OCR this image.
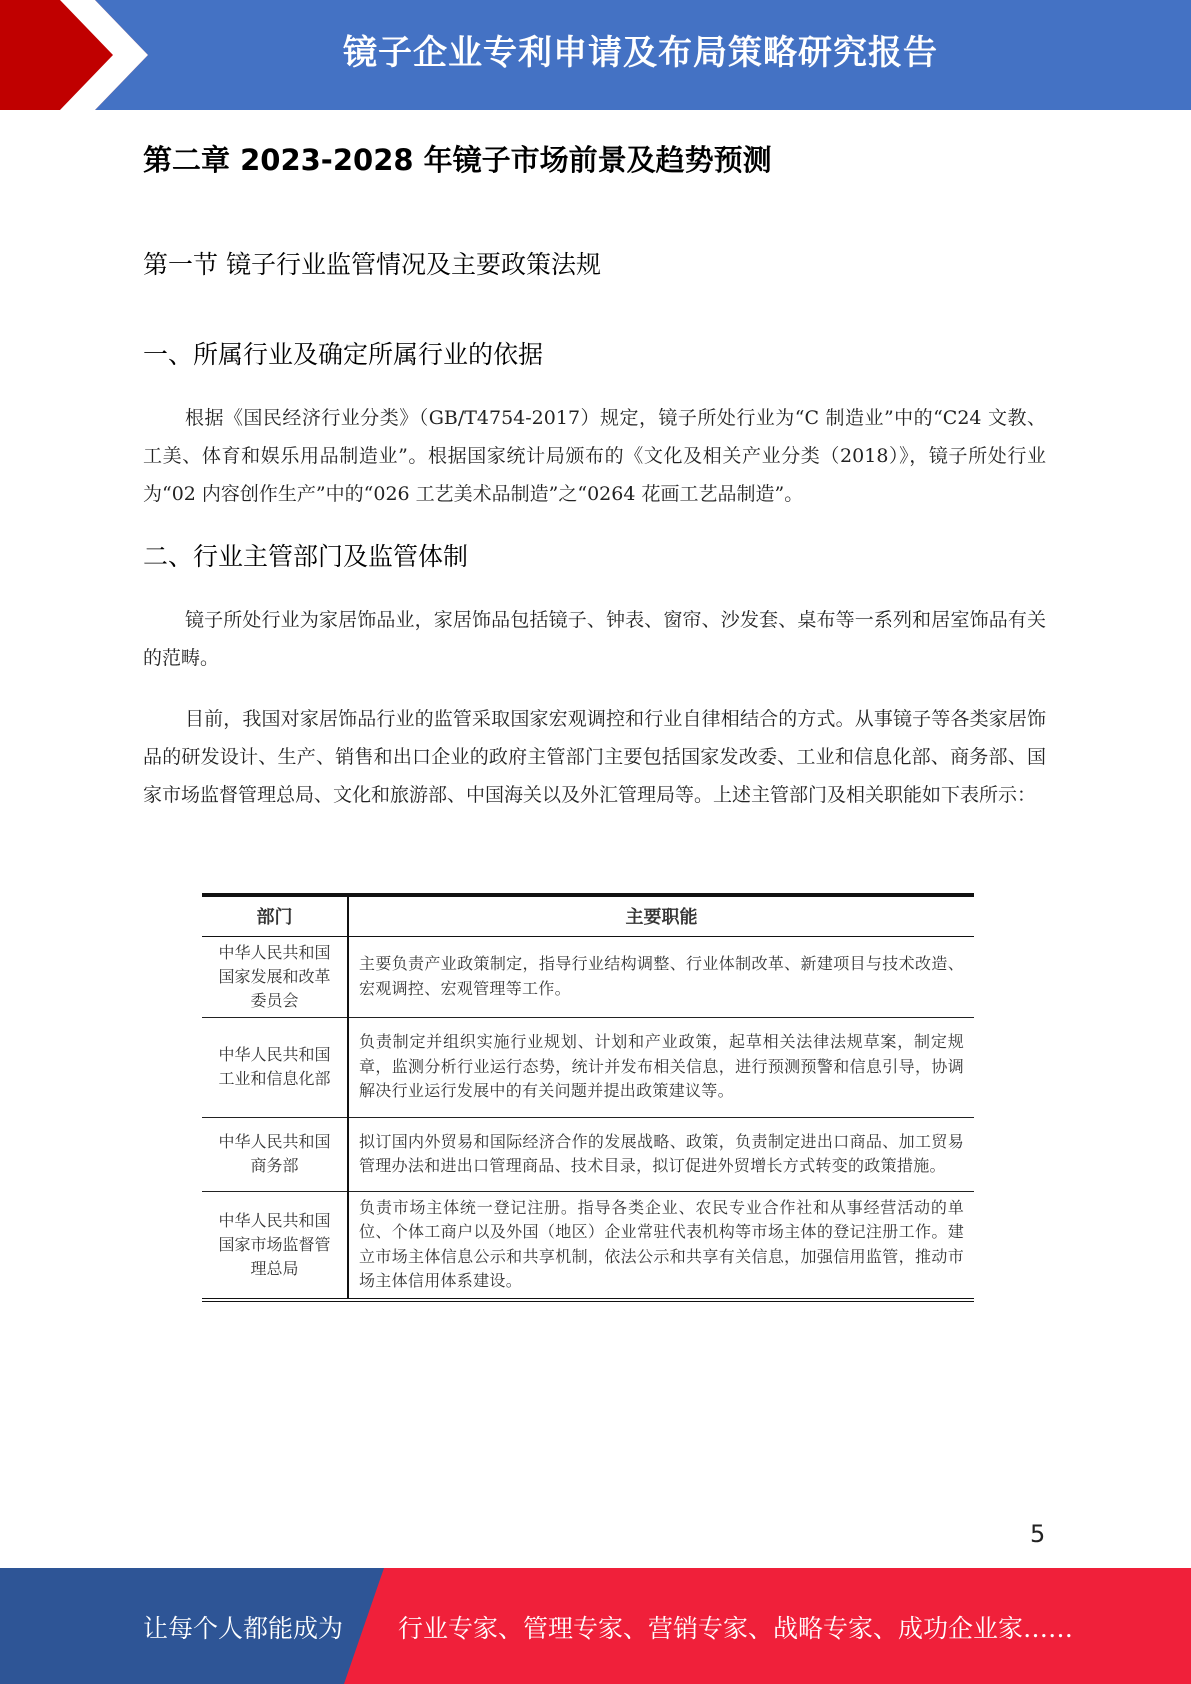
镜子企业专利申请及布局策略研究报告
第二章 2023-2028 年镜子市场前景及趋势预测
第一节 镜子行业监管情况及主要政策法规
一、所属行业及确定所属行业的依据

根据《国民经济行业分类》（GB/T4754-2017）规定，镜子所处行业为“C 制造业”中的“C24 文教、工美、体育和娱乐用品制造业”。根据国家统计局颁布的《文化及相关产业分类（2018）》，镜子所处行业为“02 内容创作生产”中的“026 工艺美术品制造”之“0264 花画工艺品制造”。

二、行业主管部门及监管体制

镜子所处行业为家居饰品业，家居饰品包括镜子、钟表、窗帘、沙发套、桌布等一系列和居室饰品有关的范畴。

目前，我国对家居饰品行业的监管采取国家宏观调控和行业自律相结合的方式。从事镜子等各类家居饰品的研发设计、生产、销售和出口企业的政府主管部门主要包括国家发改委、工业和信息化部、商务部、国家市场监督管理总局、文化和旅游部、中国海关以及外汇管理局等。上述主管部门及相关职能如下表所示：

部门	主要职能
中华人民共和国国家发展和改革委员会	主要负责产业政策制定，指导行业结构调整、行业体制改革、新建项目与技术改造、宏观调控、宏观管理等工作。
中华人民共和国工业和信息化部	负责制定并组织实施行业规划、计划和产业政策，起草相关法律法规草案，制定规章，监测分析行业运行态势，统计并发布相关信息，进行预测预警和信息引导，协调解决行业运行发展中的有关问题并提出政策建议等。
中华人民共和国商务部	拟订国内外贸易和国际经济合作的发展战略、政策，负责制定进出口商品、加工贸易管理办法和进出口管理商品、技术目录，拟订促进外贸增长方式转变的政策措施。
中华人民共和国国家市场监督管理总局	负责市场主体统一登记注册。指导各类企业、农民专业合作社和从事经营活动的单位、个体工商户以及外国（地区）企业常驻代表机构等市场主体的登记注册工作。建立市场主体信息公示和共享机制，依法公示和共享有关信息，加强信用监管，推动市场主体信用体系建设。
5
让每个人都能成为 行业专家、管理专家、营销专家、战略专家、成功企业家……
